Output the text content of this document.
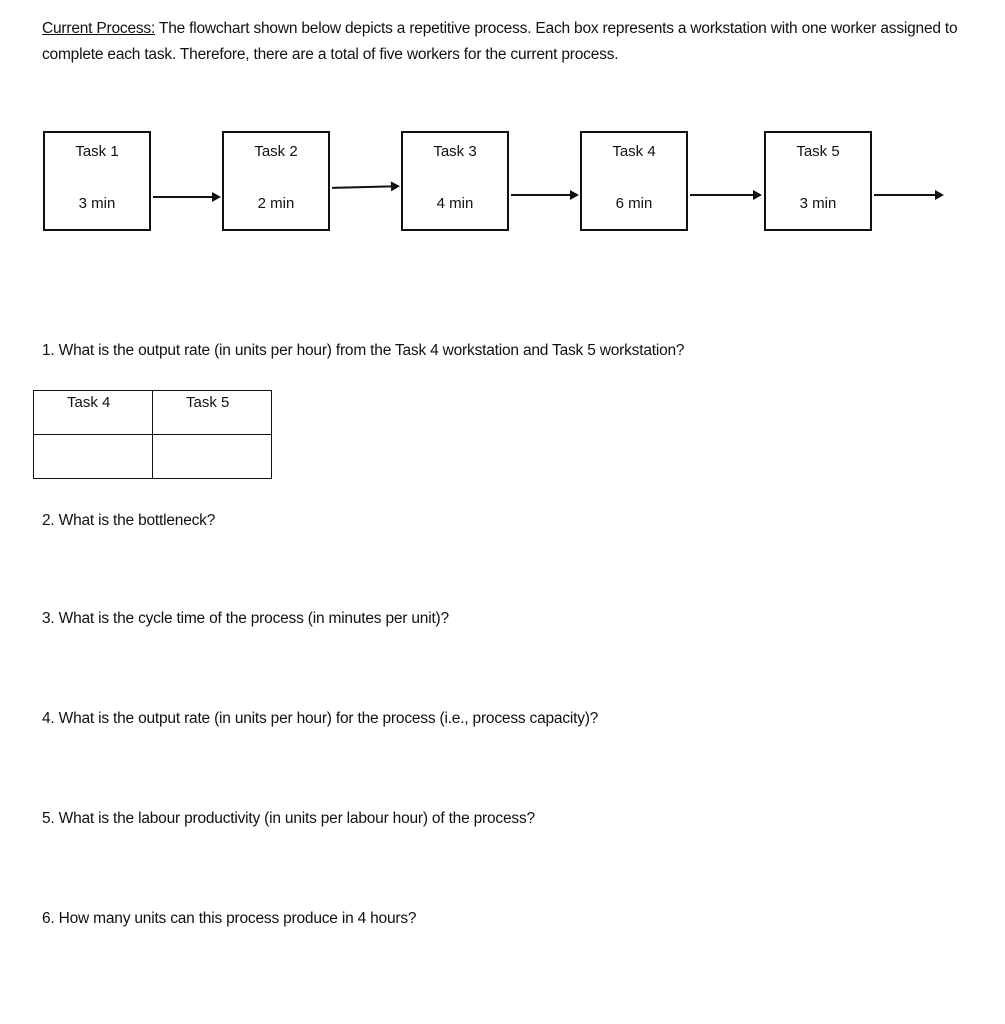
Current Process: The flowchart shown below depicts a repetitive process. Each box represents a workstation with one worker assigned to complete each task. Therefore, there are a total of five workers for the current process.
Task 1
3 min
Task 2
2 min
Task 3
4 min
Task 4
6 min
Task 5
3 min
1. What is the output rate (in units per hour) from the Task 4 workstation and Task 5 workstation?
Task 4	Task 5

2. What is the bottleneck?
3. What is the cycle time of the process (in minutes per unit)?
4. What is the output rate (in units per hour) for the process (i.e., process capacity)?
5. What is the labour productivity (in units per labour hour) of the process?
6. How many units can this process produce in 4 hours?
